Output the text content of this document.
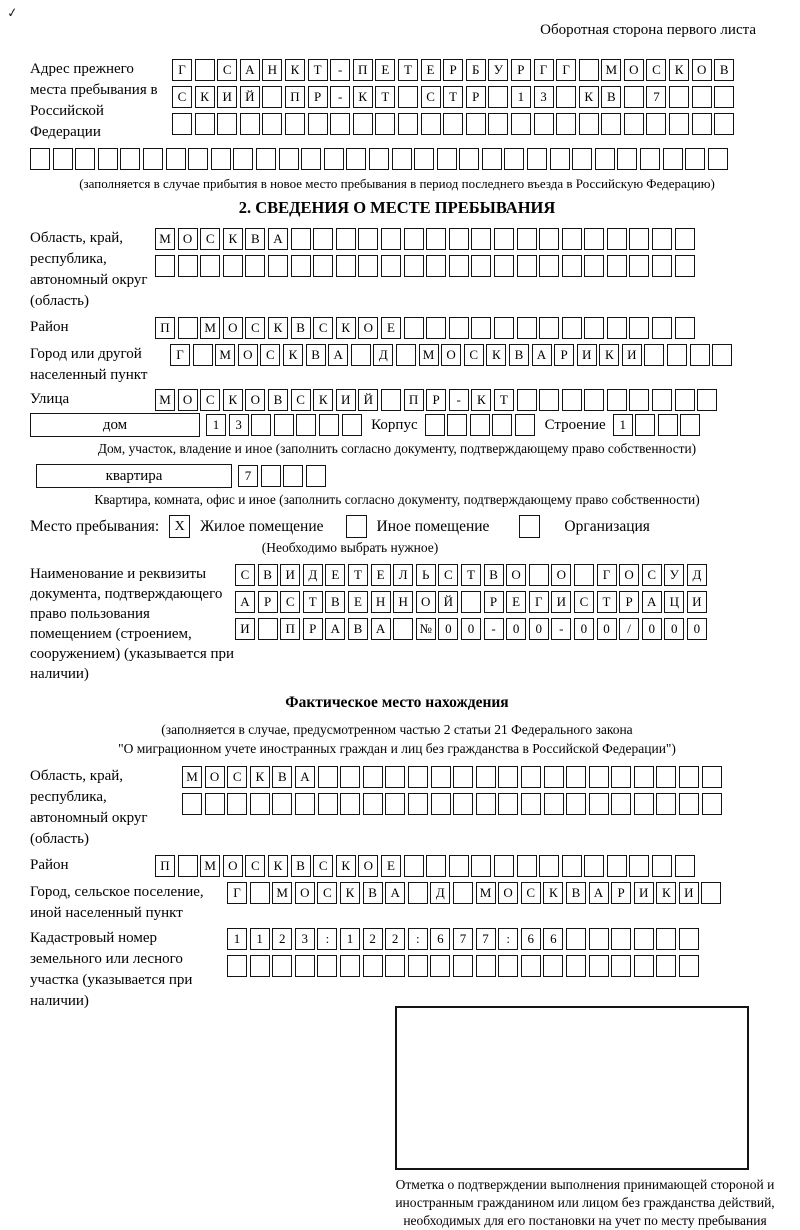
✓
Оборотная сторона первого листа
Адрес прежнего места пребывания в Российской Федерации
Г	С	А	Н	К	Т	-	П	Е	Т	Е	Р	Б	У	Р	Г	Г	М О	С	К	О	В
С	К	И	Й	П	Р	-	К	Т	С	Т	Р	1	3	К	В	7
(заполняется в случае прибытия в новое место пребывания в период последнего въезда в Российскую Федерацию)
2. СВЕДЕНИЯ О МЕСТЕ ПРЕБЫВАНИЯ
Область, край, республика, автономный округ (область)
М О	С	К	В	А
Район	П	М О	С	К	В	С	К	О	Е
Город или другой населенный пункт
Г	М О	С	К	В	А	Д	М О	С	К	В	А	Р	И	К	И
Улица	М О	С	К	О	В	С	К	И	Й	П	Р	-	К	Т
дом	1	3	Корпус	Строение	1
Дом, участок, владение и иное (заполнить согласно документу, подтверждающему право собственности)
квартира	7
Квартира, комната, офис и иное (заполнить согласно документу, подтверждающему право собственности)
Место пребывания:	X Жилое помещение	Иное помещение	Организация
(Необходимо выбрать нужное)
Наименование и реквизиты документа, подтверждающего право пользования помещением (строением, сооружением) (указывается при наличии)
С	В	И	Д	Е	Т	Е	Л	Ь	С	Т	В	О	О	Г	О	С	У	Д
А	Р	С	Т	В	Е	Н	Н	О	Й	Р	Е	Г	И	С	Т	Р	А	Ц	И
И	П	Р	А	В	А	№	0	0	-	0	0	-	0	0	/	0	0	0
Фактическое место нахождения
(заполняется в случае, предусмотренном частью 2 статьи 21 Федерального закона
"О миграционном учете иностранных граждан и лиц без гражданства в Российской Федерации")
Область, край, республика, автономный округ (область)
М О	С	К	В	А
Район	П	М О	С	К	В	С	К	О	Е
Город, сельское поселение, иной населенный пункт
Г	М О	С	К	В	А	Д	М О	С	К	В	А	Р	И	К	И
Кадастровый номер земельного или лесного участка (указывается при наличии)
1	1	2	3	:	1	2	2	:	6	7	7	:	6	6
Отметка о подтверждении выполнения принимающей стороной и иностранным гражданином или лицом без гражданства действий, необходимых для его постановки на учет по месту пребывания
